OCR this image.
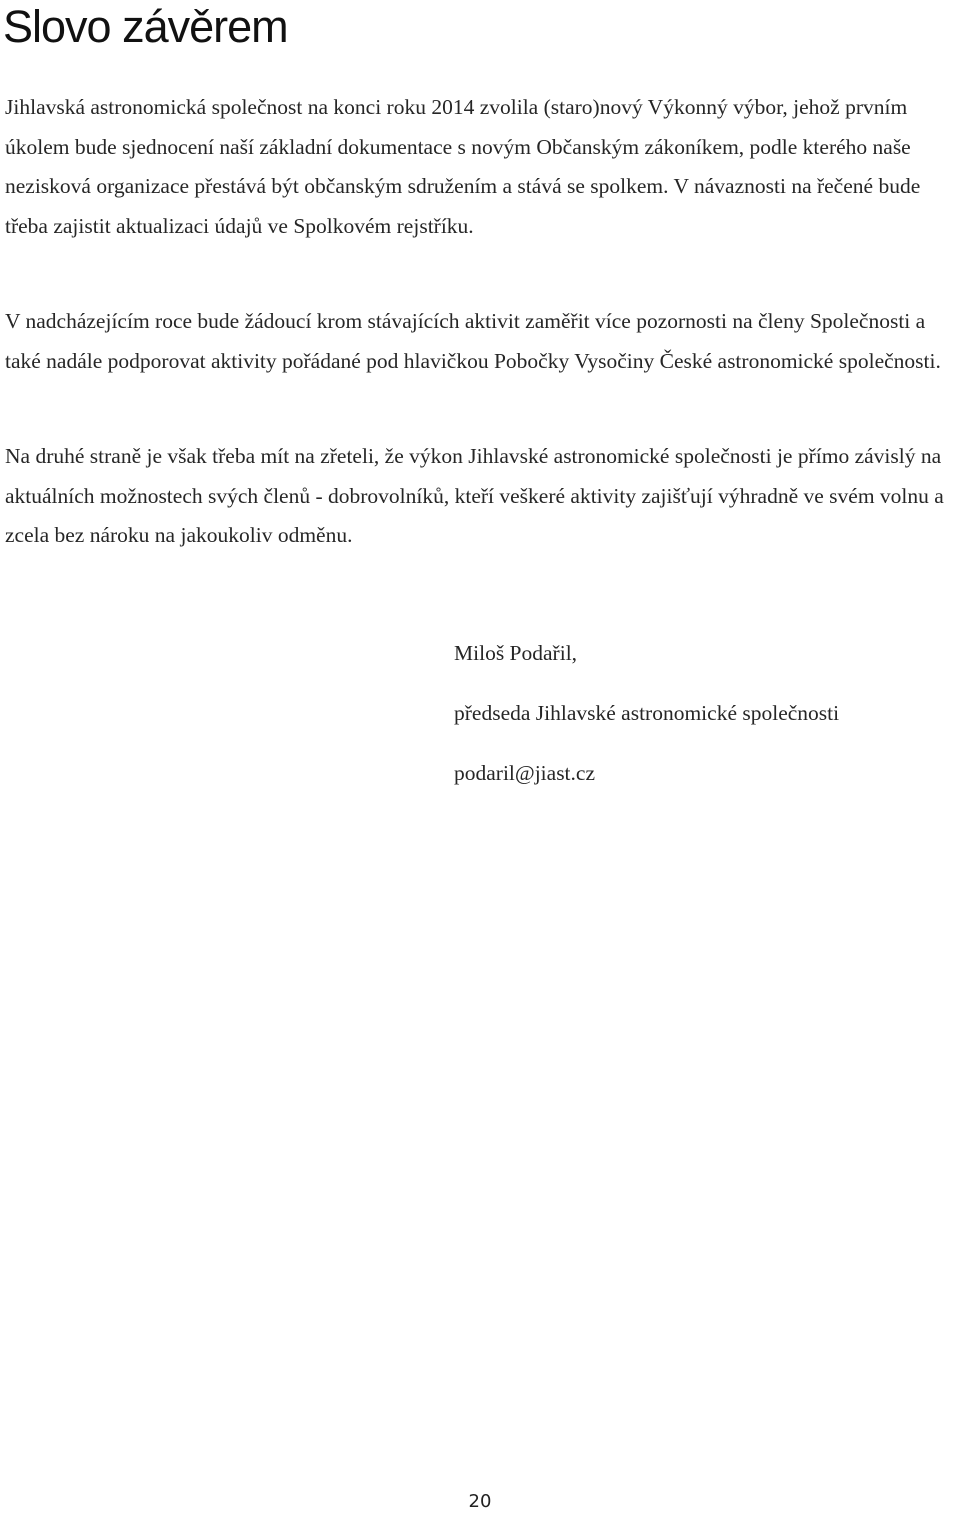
Slovo závěrem

Jihlavská astronomická společnost na konci roku 2014 zvolila (staro)nový Výkonný výbor, jehož prvním úkolem bude sjednocení naší základní dokumentace s novým Občanským zákoníkem, podle kterého naše nezisková organizace přestává být občanským sdružením a stává se spolkem. V návaznosti na řečené bude třeba zajistit aktualizaci údajů ve Spolkovém rejstříku.

V nadcházejícím roce bude žádoucí krom stávajících aktivit zaměřit více pozornosti na členy Společnosti a také nadále podporovat aktivity pořádané pod hlavičkou Pobočky Vysočiny České astronomické společnosti.

Na druhé straně je však třeba mít na zřeteli, že výkon Jihlavské astronomické společnosti je přímo závislý na aktuálních možnostech svých členů - dobrovolníků, kteří veškeré aktivity zajišťují výhradně ve svém volnu a zcela bez nároku na jakoukoliv odměnu.

Miloš Podařil,

předseda Jihlavské astronomické společnosti

podaril@jiast.cz

20
